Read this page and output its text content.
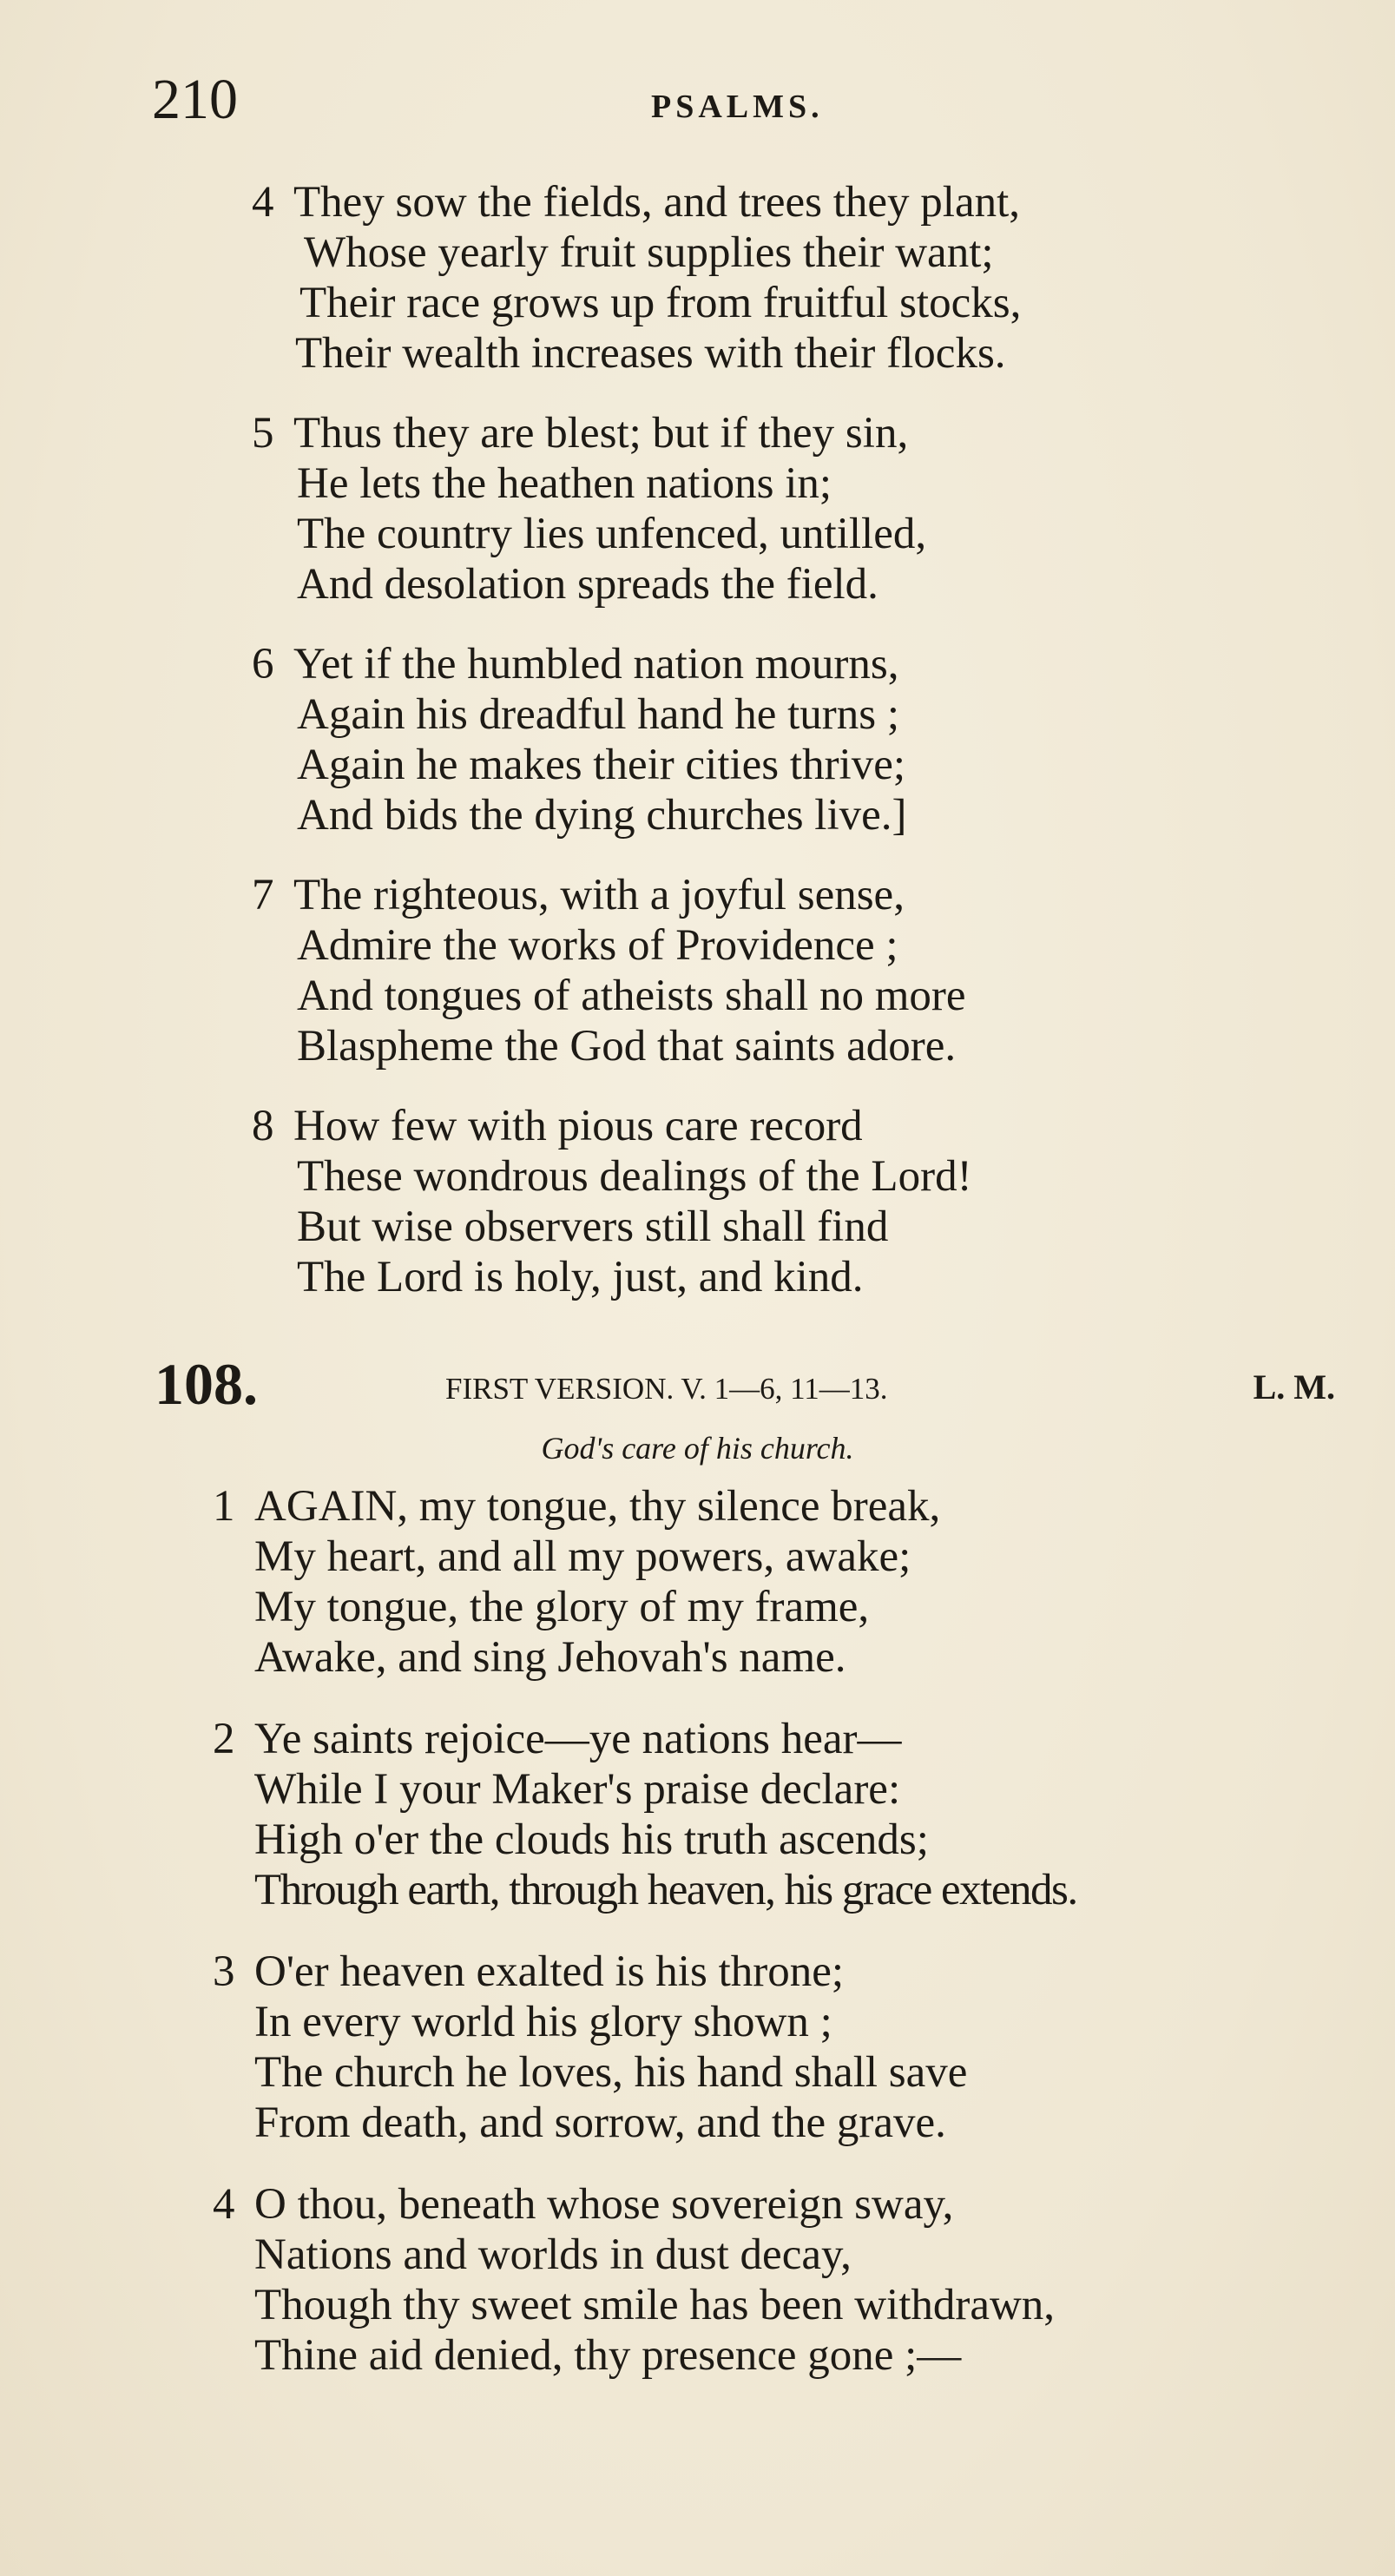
210	PSALMS.
4 They sow the fields, and trees they plant,
Whose yearly fruit supplies their want;
Their race grows up from fruitful stocks,
Their wealth increases with their flocks.
5 Thus they are blest; but if they sin,
He lets the heathen nations in;
The country lies unfenced, untilled,
And desolation spreads the field.
6 Yet if the humbled nation mourns,
Again his dreadful hand he turns ;
Again he makes their cities thrive;
And bids the dying churches live.]
7 The righteous, with a joyful sense,
Admire the works of Providence ;
And tongues of atheists shall no more
Blaspheme the God that saints adore.
8 How few with pious care record
These wondrous dealings of the Lord!
But wise observers still shall find
The Lord is holy, just, and kind.
108.	FIRST VERSION. V. 1—6, 11—13.	L. M.
God's care of his church.
1 AGAIN, my tongue, thy silence break,
My heart, and all my powers, awake;
My tongue, the glory of my frame,
Awake, and sing Jehovah's name.
2 Ye saints rejoice—ye nations hear—
While I your Maker's praise declare:
High o'er the clouds his truth ascends;
Through earth, through heaven, his grace extends.
3 O'er heaven exalted is his throne;
In every world his glory shown ;
The church he loves, his hand shall save
From death, and sorrow, and the grave.
4 O thou, beneath whose sovereign sway,
Nations and worlds in dust decay,
Though thy sweet smile has been withdrawn,
Thine aid denied, thy presence gone ;—
